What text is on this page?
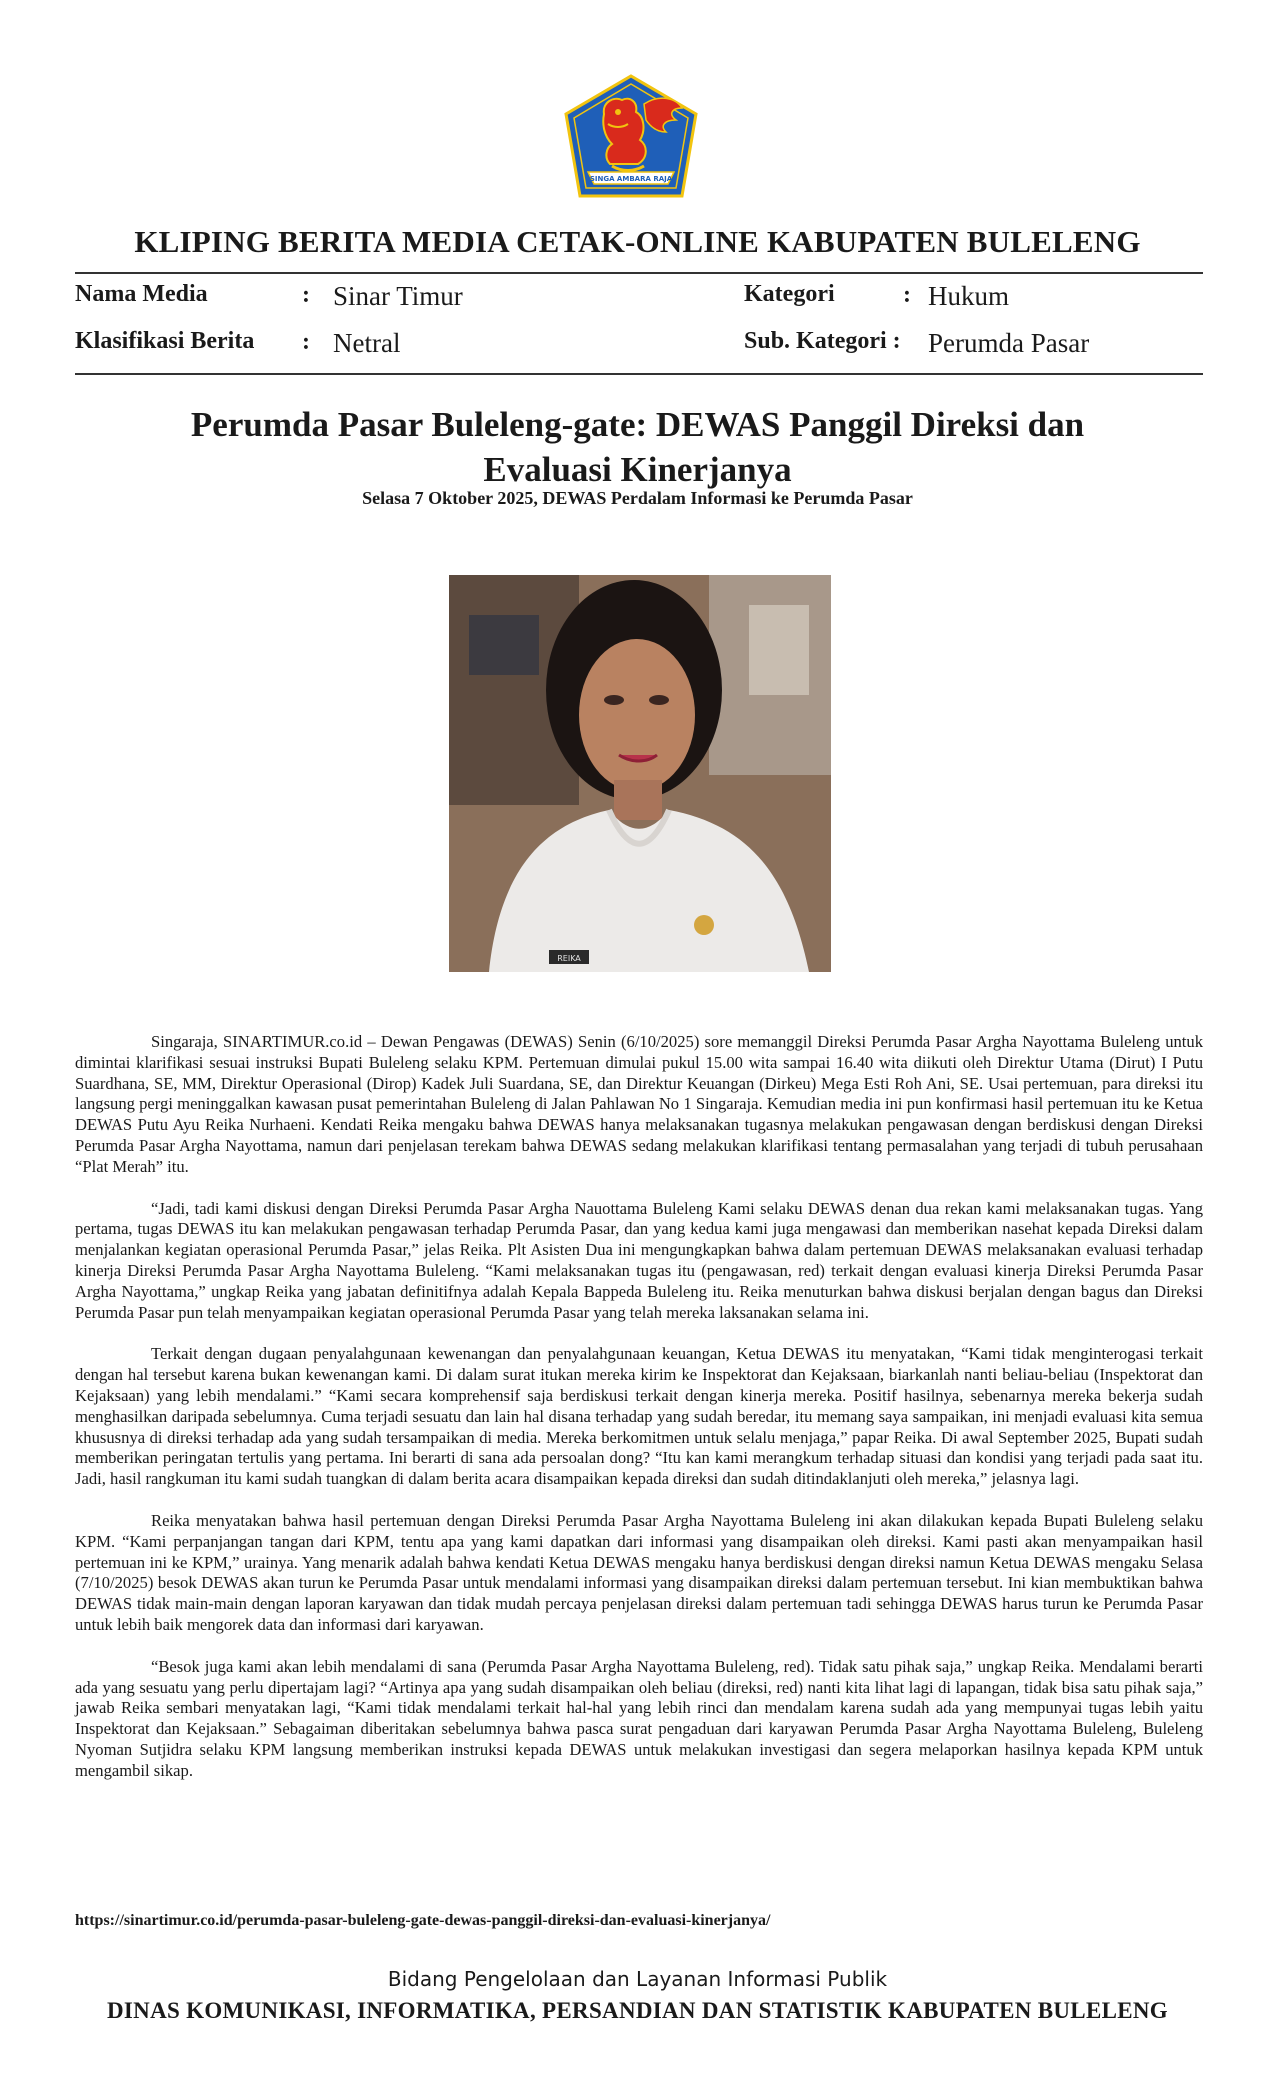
SINGA AMBARA RAJA
KLIPING BERITA MEDIA CETAK-ONLINE KABUPATEN BULELENG
Nama Media	: Sinar Timur
Klasifikasi Berita : Netral
Kategori	: Hukum
Sub. Kategori : Perumda Pasar
Perumda Pasar Buleleng-gate: DEWAS Panggil Direksi dan Evaluasi Kinerjanya
Selasa 7 Oktober 2025, DEWAS Perdalam Informasi ke Perumda Pasar
REIKA

Singaraja, SINARTIMUR.co.id – Dewan Pengawas (DEWAS) Senin (6/10/2025) sore memanggil Direksi Perumda Pasar Argha Nayottama Buleleng untuk dimintai klarifikasi sesuai instruksi Bupati Buleleng selaku KPM. Pertemuan dimulai pukul 15.00 wita sampai 16.40 wita diikuti oleh Direktur Utama (Dirut) I Putu Suardhana, SE, MM, Direktur Operasional (Dirop) Kadek Juli Suardana, SE, dan Direktur Keuangan (Dirkeu) Mega Esti Roh Ani, SE. Usai pertemuan, para direksi itu langsung pergi meninggalkan kawasan pusat pemerintahan Buleleng di Jalan Pahlawan No 1 Singaraja. Kemudian media ini pun konfirmasi hasil pertemuan itu ke Ketua DEWAS Putu Ayu Reika Nurhaeni. Kendati Reika mengaku bahwa DEWAS hanya melaksanakan tugasnya melakukan pengawasan dengan berdiskusi dengan Direksi Perumda Pasar Argha Nayottama, namun dari penjelasan terekam bahwa DEWAS sedang melakukan klarifikasi tentang permasalahan yang terjadi di tubuh perusahaan “Plat Merah” itu.

“Jadi, tadi kami diskusi dengan Direksi Perumda Pasar Argha Nauottama Buleleng Kami selaku DEWAS denan dua rekan kami melaksanakan tugas. Yang pertama, tugas DEWAS itu kan melakukan pengawasan terhadap Perumda Pasar, dan yang kedua kami juga mengawasi dan memberikan nasehat kepada Direksi dalam menjalankan kegiatan operasional Perumda Pasar,” jelas Reika. Plt Asisten Dua ini mengungkapkan bahwa dalam pertemuan DEWAS melaksanakan evaluasi terhadap kinerja Direksi Perumda Pasar Argha Nayottama Buleleng. “Kami melaksanakan tugas itu (pengawasan, red) terkait dengan evaluasi kinerja Direksi Perumda Pasar Argha Nayottama,” ungkap Reika yang jabatan definitifnya adalah Kepala Bappeda Buleleng itu. Reika menuturkan bahwa diskusi berjalan dengan bagus dan Direksi Perumda Pasar pun telah menyampaikan kegiatan operasional Perumda Pasar yang telah mereka laksanakan selama ini.

Terkait dengan dugaan penyalahgunaan kewenangan dan penyalahgunaan keuangan, Ketua DEWAS itu menyatakan, “Kami tidak menginterogasi terkait dengan hal tersebut karena bukan kewenangan kami. Di dalam surat itukan mereka kirim ke Inspektorat dan Kejaksaan, biarkanlah nanti beliau-beliau (Inspektorat dan Kejaksaan) yang lebih mendalami.” “Kami secara komprehensif saja berdiskusi terkait dengan kinerja mereka. Positif hasilnya, sebenarnya mereka bekerja sudah menghasilkan daripada sebelumnya. Cuma terjadi sesuatu dan lain hal disana terhadap yang sudah beredar, itu memang saya sampaikan, ini menjadi evaluasi kita semua khususnya di direksi terhadap ada yang sudah tersampaikan di media. Mereka berkomitmen untuk selalu menjaga,” papar Reika. Di awal September 2025, Bupati sudah memberikan peringatan tertulis yang pertama. Ini berarti di sana ada persoalan dong? “Itu kan kami merangkum terhadap situasi dan kondisi yang terjadi pada saat itu. Jadi, hasil rangkuman itu kami sudah tuangkan di dalam berita acara disampaikan kepada direksi dan sudah ditindaklanjuti oleh mereka,” jelasnya lagi.

Reika menyatakan bahwa hasil pertemuan dengan Direksi Perumda Pasar Argha Nayottama Buleleng ini akan dilakukan kepada Bupati Buleleng selaku KPM. “Kami perpanjangan tangan dari KPM, tentu apa yang kami dapatkan dari informasi yang disampaikan oleh direksi. Kami pasti akan menyampaikan hasil pertemuan ini ke KPM,” urainya. Yang menarik adalah bahwa kendati Ketua DEWAS mengaku hanya berdiskusi dengan direksi namun Ketua DEWAS mengaku Selasa (7/10/2025) besok DEWAS akan turun ke Perumda Pasar untuk mendalami informasi yang disampaikan direksi dalam pertemuan tersebut. Ini kian membuktikan bahwa DEWAS tidak main-main dengan laporan karyawan dan tidak mudah percaya penjelasan direksi dalam pertemuan tadi sehingga DEWAS harus turun ke Perumda Pasar untuk lebih baik mengorek data dan informasi dari karyawan.

“Besok juga kami akan lebih mendalami di sana (Perumda Pasar Argha Nayottama Buleleng, red). Tidak satu pihak saja,” ungkap Reika. Mendalami berarti ada yang sesuatu yang perlu dipertajam lagi? “Artinya apa yang sudah disampaikan oleh beliau (direksi, red) nanti kita lihat lagi di lapangan, tidak bisa satu pihak saja,” jawab Reika sembari menyatakan lagi, “Kami tidak mendalami terkait hal-hal yang lebih rinci dan mendalam karena sudah ada yang mempunyai tugas lebih yaitu Inspektorat dan Kejaksaan.” Sebagaiman diberitakan sebelumnya bahwa pasca surat pengaduan dari karyawan Perumda Pasar Argha Nayottama Buleleng, Buleleng Nyoman Sutjidra selaku KPM langsung memberikan instruksi kepada DEWAS untuk melakukan investigasi dan segera melaporkan hasilnya kepada KPM untuk mengambil sikap.

https://sinartimur.co.id/perumda-pasar-buleleng-gate-dewas-panggil-direksi-dan-evaluasi-kinerjanya/
Bidang Pengelolaan dan Layanan Informasi Publik
DINAS KOMUNIKASI, INFORMATIKA, PERSANDIAN DAN STATISTIK KABUPATEN BULELENG
